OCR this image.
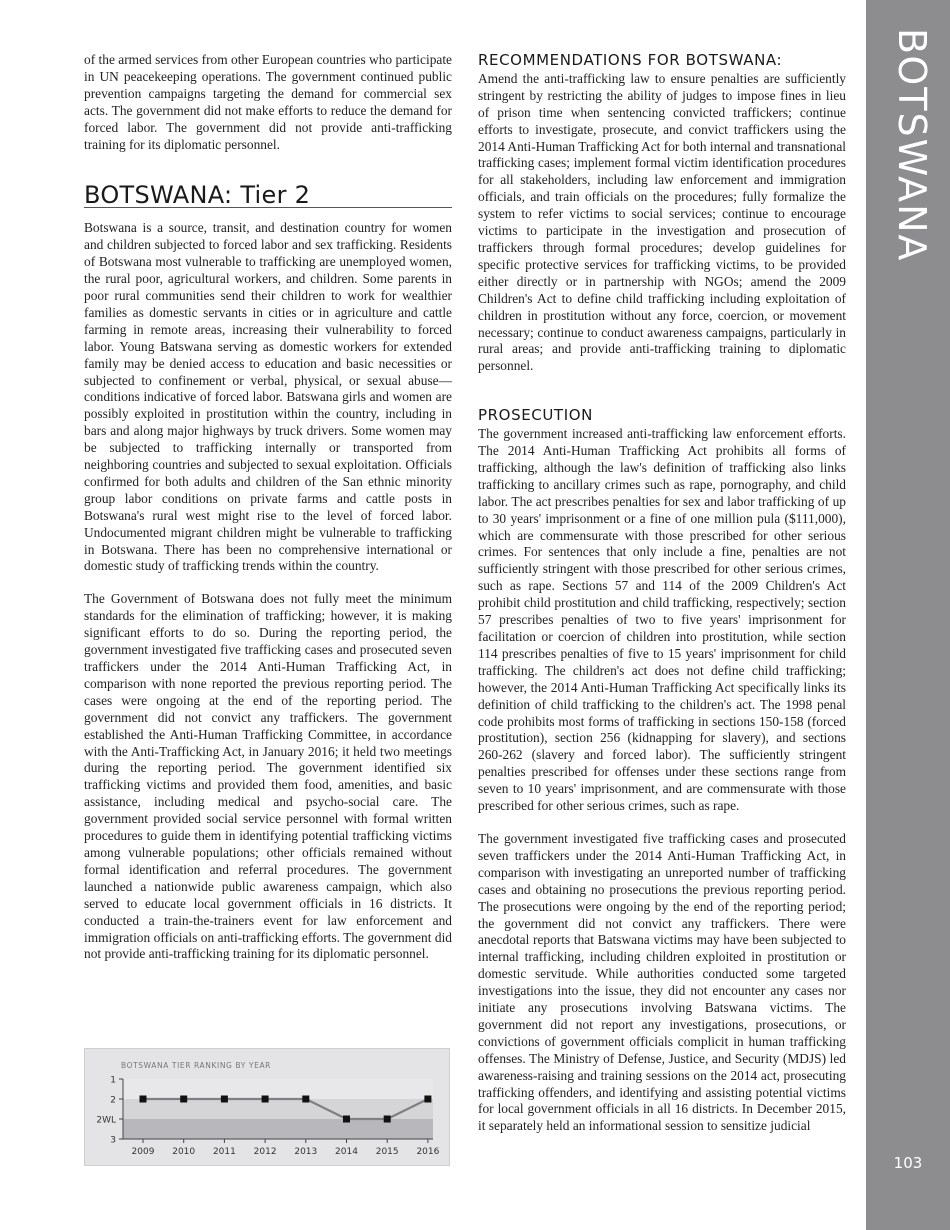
of the armed services from other European countries who participate in UN peacekeeping operations. The government continued public prevention campaigns targeting the demand for commercial sex acts. The government did not make efforts to reduce the demand for forced labor. The government did not provide anti-trafficking training for its diplomatic personnel.

BOTSWANA: Tier 2

Botswana is a source, transit, and destination country for women and children subjected to forced labor and sex trafficking. Residents of Botswana most vulnerable to trafficking are unemployed women, the rural poor, agricultural workers, and children. Some parents in poor rural communities send their children to work for wealthier families as domestic servants in cities or in agriculture and cattle farming in remote areas, increasing their vulnerability to forced labor. Young Batswana serving as domestic workers for extended family may be denied access to education and basic necessities or subjected to confinement or verbal, physical, or sexual abuse—conditions indicative of forced labor. Batswana girls and women are possibly exploited in prostitution within the country, including in bars and along major highways by truck drivers. Some women may be subjected to trafficking internally or transported from neighboring countries and subjected to sexual exploitation. Officials confirmed for both adults and children of the San ethnic minority group labor conditions on private farms and cattle posts in Botswana's rural west might rise to the level of forced labor. Undocumented migrant children might be vulnerable to trafficking in Botswana. There has been no comprehensive international or domestic study of trafficking trends within the country.

The Government of Botswana does not fully meet the minimum standards for the elimination of trafficking; however, it is making significant efforts to do so. During the reporting period, the government investigated five trafficking cases and prosecuted seven traffickers under the 2014 Anti-Human Trafficking Act, in comparison with none reported the previous reporting period. The cases were ongoing at the end of the reporting period. The government did not convict any traffickers. The government established the Anti-Human Trafficking Committee, in accordance with the Anti-Trafficking Act, in January 2016; it held two meetings during the reporting period. The government identified six trafficking victims and provided them food, amenities, and basic assistance, including medical and psycho-social care. The government provided social service personnel with formal written procedures to guide them in identifying potential trafficking victims among vulnerable populations; other officials remained without formal identification and referral procedures. The government launched a nationwide public awareness campaign, which also served to educate local government officials in 16 districts. It conducted a train-the-trainers event for law enforcement and immigration officials on anti-trafficking efforts. The government did not provide anti-trafficking training for its diplomatic personnel.

RECOMMENDATIONS FOR BOTSWANA:

Amend the anti-trafficking law to ensure penalties are sufficiently stringent by restricting the ability of judges to impose fines in lieu of prison time when sentencing convicted traffickers; continue efforts to investigate, prosecute, and convict traffickers using the 2014 Anti-Human Trafficking Act for both internal and transnational trafficking cases; implement formal victim identification procedures for all stakeholders, including law enforcement and immigration officials, and train officials on the procedures; fully formalize the system to refer victims to social services; continue to encourage victims to participate in the investigation and prosecution of traffickers through formal procedures; develop guidelines for specific protective services for trafficking victims, to be provided either directly or in partnership with NGOs; amend the 2009 Children's Act to define child trafficking including exploitation of children in prostitution without any force, coercion, or movement necessary; continue to conduct awareness campaigns, particularly in rural areas; and provide anti-trafficking training to diplomatic personnel.

PROSECUTION

The government increased anti-trafficking law enforcement efforts. The 2014 Anti-Human Trafficking Act prohibits all forms of trafficking, although the law's definition of trafficking also links trafficking to ancillary crimes such as rape, pornography, and child labor. The act prescribes penalties for sex and labor trafficking of up to 30 years' imprisonment or a fine of one million pula ($111,000), which are commensurate with those prescribed for other serious crimes. For sentences that only include a fine, penalties are not sufficiently stringent with those prescribed for other serious crimes, such as rape. Sections 57 and 114 of the 2009 Children's Act prohibit child prostitution and child trafficking, respectively; section 57 prescribes penalties of two to five years' imprisonment for facilitation or coercion of children into prostitution, while section 114 prescribes penalties of five to 15 years' imprisonment for child trafficking. The children's act does not define child trafficking; however, the 2014 Anti-Human Trafficking Act specifically links its definition of child trafficking to the children's act. The 1998 penal code prohibits most forms of trafficking in sections 150-158 (forced prostitution), section 256 (kidnapping for slavery), and sections 260-262 (slavery and forced labor). The sufficiently stringent penalties prescribed for offenses under these sections range from seven to 10 years' imprisonment, and are commensurate with those prescribed for other serious crimes, such as rape.

The government investigated five trafficking cases and prosecuted seven traffickers under the 2014 Anti-Human Trafficking Act, in comparison with investigating an unreported number of trafficking cases and obtaining no prosecutions the previous reporting period. The prosecutions were ongoing by the end of the reporting period; the government did not convict any traffickers. There were anecdotal reports that Batswana victims may have been subjected to internal trafficking, including children exploited in prostitution or domestic servitude. While authorities conducted some targeted investigations into the issue, they did not encounter any cases nor initiate any prosecutions involving Batswana victims. The government did not report any investigations, prosecutions, or convictions of government officials complicit in human trafficking offenses. The Ministry of Defense, Justice, and Security (MDJS) led awareness-raising and training sessions on the 2014 act, prosecuting trafficking offenders, and identifying and assisting potential victims for local government officials in all 16 districts. In December 2015, it separately held an informational session to sensitize judicial

BOTSWANA TIER RANKING BY YEAR
1
2
2WL
3
2009 2010 2011 2012 2013 2014 2015 2016
BOTSWANA
103
